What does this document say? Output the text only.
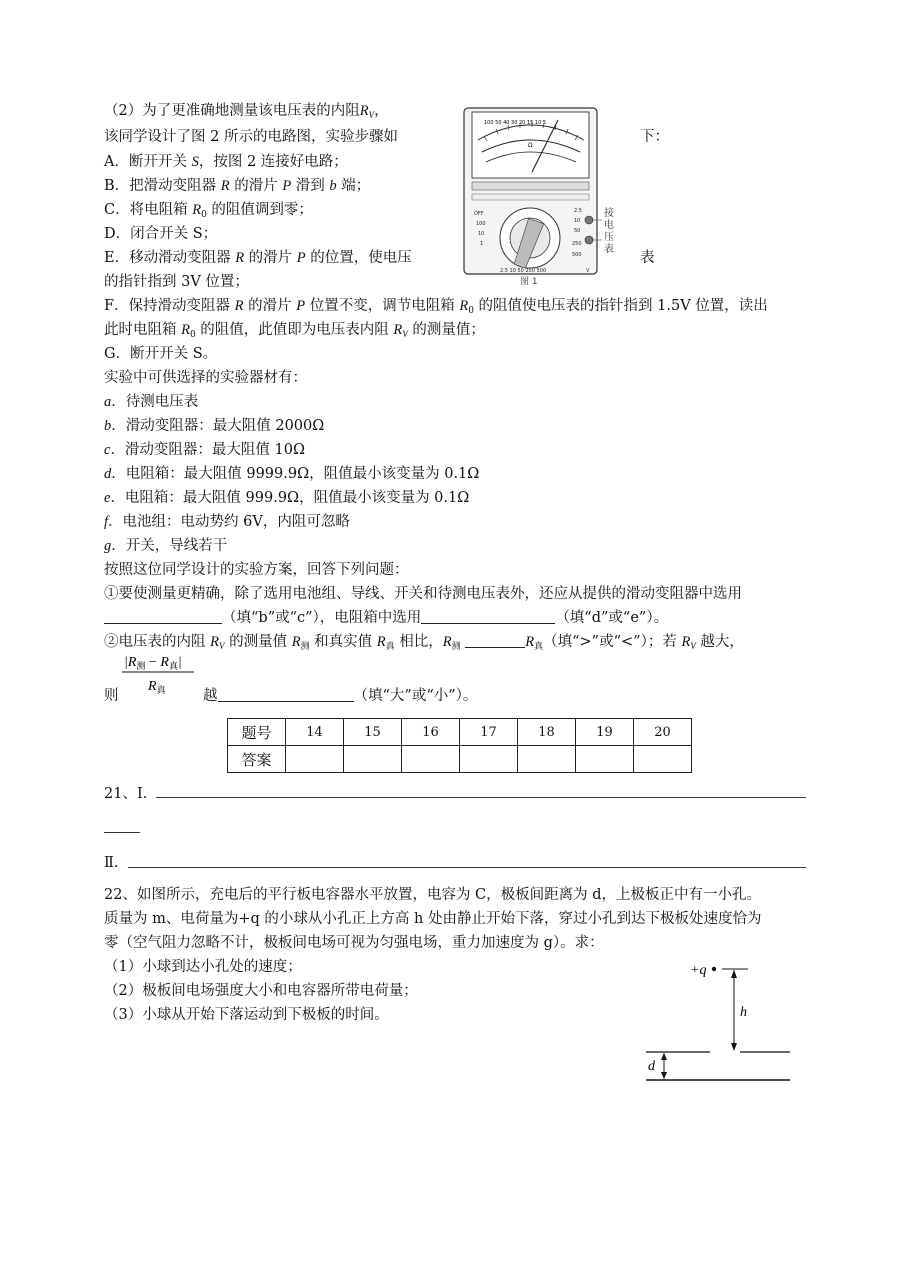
（2）为了更准确地测量该电压表的内阻$R_V$，
该同学设计了图 2 所示的电路图，实验步骤如	下：
A．断开开关 S，按图 2 连接好电路；
B．把滑动变阻器 R 的滑片 P 滑到 b 端；
C．将电阻箱 $R_0$ 的阻值调到零；
D．闭合开关 S；
E．移动滑动变阻器 R 的滑片 P 的位置，使电压	表
的指针指到 3V 位置；
F．保持滑动变阻器 R 的滑片 P 位置不变，调节电阻箱 $R_0$ 的阻值使电压表的指针指到 1.5V 位置，读出
此时电阻箱 $R_0$ 的阻值，此值即为电压表内阻 $R_V$ 的测量值；
G．断开开关 S。
实验中可供选择的实验器材有：
a．待测电压表
b．滑动变阻器：最大阻值 2000Ω
c．滑动变阻器：最大阻值 10Ω
d．电阻箱：最大阻值 9999.9Ω，阻值最小该变量为 0.1Ω
e．电阻箱：最大阻值 999.9Ω，阻值最小该变量为 0.1Ω
f．电池组：电动势约 6V，内阻可忽略
g．开关，导线若干
按照这位同学设计的实验方案，回答下列问题：
①要使测量更精确，除了选用电池组、导线、开关和待测电压表外，还应从提供的滑动变阻器中选用
（填“b”或“c”），电阻箱中选用	（填“d”或“e”）。
②电压表的内阻 $R_V$ 的测量值 $R_测$ 和真实值 $R_真$ 相比，$R_测$	$R_真$（填“>”或“<”）；若 $R_V$ 越大，
$|R_测 - R_真|$
$R_真$
则	越	（填“大”或“小”）。
100 50 40 30 20 15 10 5
Ω
OFF
100
10
1
2.5
10
50
250
500
2.5 10 50 250 500	V
接
电
压
表
图 1
题号	14	15	16	17	18	19	20
答案							
21、I.
Ⅱ.
22、如图所示，充电后的平行板电容器水平放置，电容为 C，极板间距离为 d，上极板正中有一小孔。
质量为 m、电荷量为+q 的小球从小孔正上方高 h 处由静止开始下落，穿过小孔到达下极板处速度恰为
零（空气阻力忽略不计，极板间电场可视为匀强电场，重力加速度为 g）。求：
（1）小球到达小孔处的速度；
（2）极板间电场强度大小和电容器所带电荷量；
（3）小球从开始下落运动到下极板的时间。
+q
h
d
